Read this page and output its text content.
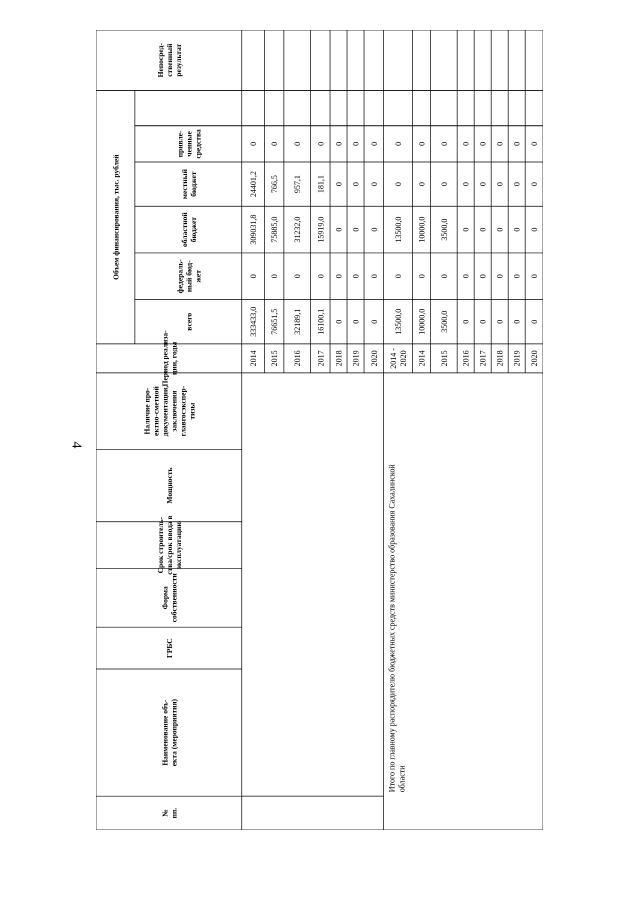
4
№пп.
Наименование объ-екта (мероприятия)
ГРБС
Формасобственности
Срок строитель-ства/срок ввода вэксплуатацию
Мощность
Наличие про-ектно-сметнойдокументации,заключенияглавгосэкспер-тизы
Период реализа-ции, годы
Объем финансирования, тыс. рублей
всего
федераль-ный бюд-жет
областнойбюджет
местныйбюджет
привле-ченныесредства
Непосред-ственныйрезультат
2014
333433,0
0
309031,8
24401,2
0
2015
76651,5
0
75885,0
766,5
0
2016
32189,1
0
31232,0
957,1
0
2017
16100,1
0
15919,0
181,1
0
2018
0
0
0
0
0
2019
0
0
0
0
0
2020
0
0
0
0
0
2014 -2020
13500,0
0
13500,0
0
0
2014
10000,0
0
10000,0
0
0
2015
3500,0
0
3500,0
0
0
2016
0
0
0
0
0
2017
0
0
0
0
0
2018
0
0
0
0
0
2019
0
0
0
0
0
2020
0
0
0
0
0
Итого по главному распорядителю бюджетных средств министерство образования Сахалинскойобласти
